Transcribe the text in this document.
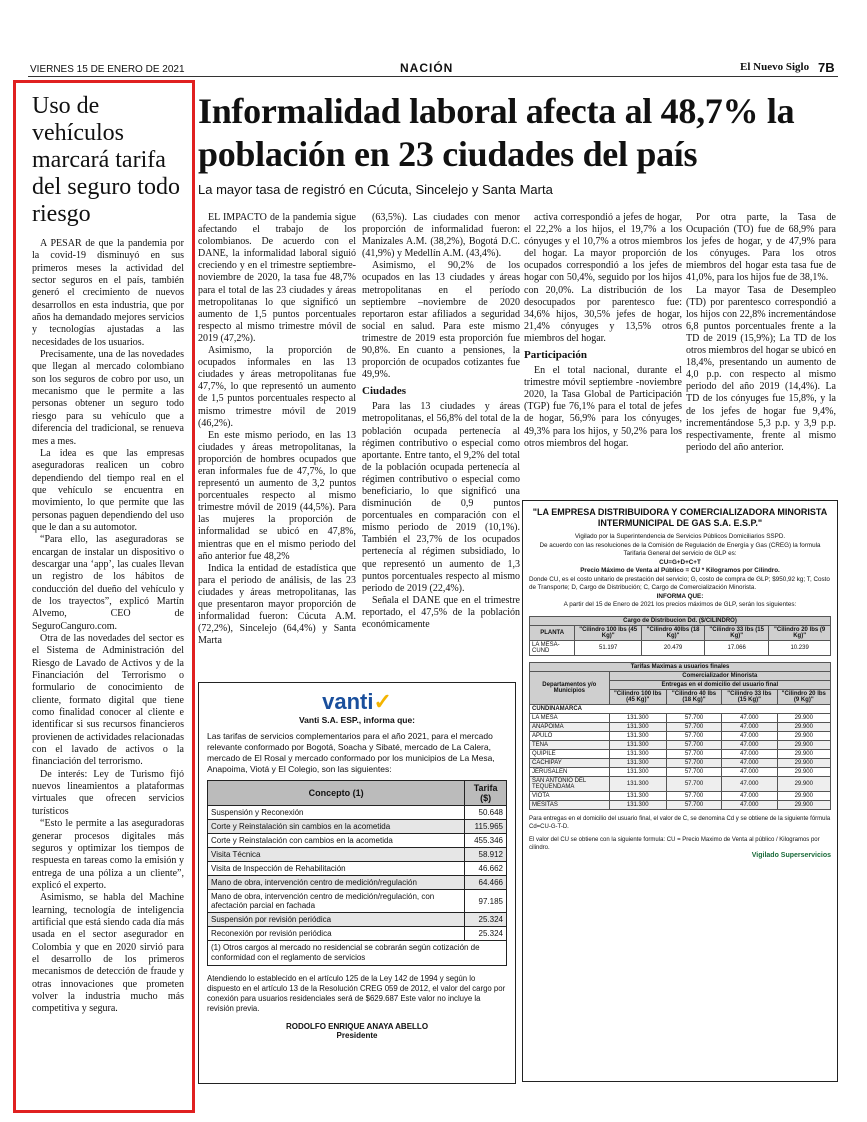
VIERNES 15 DE ENERO DE 2021	NACIÓN	El Nuevo Siglo 7B
Uso de vehículos marcará tarifa del seguro todo riesgo

A PESAR de que la pandemia por la covid-19 disminuyó en sus primeros meses la actividad del sector seguros en el país, también generó el crecimiento de nuevos desarrollos en esta industria, que por años ha demandado mejores servicios y tecnologías ajustadas a las necesidades de los usuarios.

Precisamente, una de las novedades que llegan al mercado colombiano son los seguros de cobro por uso, un mecanismo que le permite a las personas obtener un seguro todo riesgo para su vehículo que a diferencia del tradicional, se renueva mes a mes.

La idea es que las empresas aseguradoras realicen un cobro dependiendo del tiempo real en el que vehículo se encuentra en movimiento, lo que permite que las personas paguen dependiendo del uso que le dan a su automotor.

“Para ello, las aseguradoras se encargan de instalar un dispositivo o descargar una ‘app’, las cuales llevan un registro de los hábitos de conducción del dueño del vehículo y de los trayectos”, explicó Martín Alvemo, CEO de SeguroCanguro.com.

Otra de las novedades del sector es el Sistema de Administración del Riesgo de Lavado de Activos y de la Financiación del Terrorismo o formulario de conocimiento de cliente, formato digital que tiene como finalidad conocer al cliente e identificar si sus recursos financieros provienen de actividades relacionadas con el lavado de activos o la financiación del terrorismo.

De interés: Ley de Turismo fijó nuevos lineamientos a plataformas virtuales que ofrecen servicios turísticos

“Esto le permite a las aseguradoras generar procesos digitales más seguros y optimizar los tiempos de respuesta en tareas como la emisión y entrega de una póliza a un cliente”, explicó el experto.

Asimismo, se habla del Machine learning, tecnología de inteligencia artificial que está siendo cada día más usada en el sector asegurador en Colombia y que en 2020 sirvió para el desarrollo de los primeros mecanismos de detección de fraude y otras innovaciones que prometen volver la industria mucho más competitiva y segura.

Informalidad laboral afecta al 48,7% la población en 23 ciudades del país
La mayor tasa de registró en Cúcuta, Sincelejo y Santa Marta

EL IMPACTO de la pandemia sigue afectando el trabajo de los colombianos. De acuerdo con el DANE, la informalidad laboral siguió creciendo y en el trimestre septiembre-noviembre de 2020, la tasa fue 48,7% para el total de las 23 ciudades y áreas metropolitanas lo que significó un aumento de 1,5 puntos porcentuales respecto al mismo trimestre móvil de 2019 (47,2%).

Asimismo, la proporción de ocupados informales en las 13 ciudades y áreas metropolitanas fue 47,7%, lo que representó un aumento de 1,5 puntos porcentuales respecto al mismo trimestre móvil de 2019 (46,2%).

En este mismo periodo, en las 13 ciudades y áreas metropolitanas, la proporción de hombres ocupados que eran informales fue de 47,7%, lo que representó un aumento de 3,2 puntos porcentuales respecto al mismo trimestre móvil de 2019 (44,5%). Para las mujeres la proporción de informalidad se ubicó en 47,8%, mientras que en el mismo periodo del año anterior fue 48,2%

Indica la entidad de estadística que para el periodo de análisis, de las 23 ciudades y áreas metropolitanas, las que presentaron mayor proporción de informalidad fueron: Cúcuta A.M. (72,2%), Sincelejo (64,4%) y Santa Marta

(63,5%). Las ciudades con menor proporción de informalidad fueron: Manizales A.M. (38,2%), Bogotá D.C. (41,9%) y Medellín A.M. (43,4%).

Asimismo, el 90,2% de los ocupados en las 13 ciudades y áreas metropolitanas en el período septiembre –noviembre de 2020 reportaron estar afiliados a seguridad social en salud. Para este mismo trimestre de 2019 esta proporción fue 90,8%. En cuanto a pensiones, la proporción de ocupados cotizantes fue 49,9%.

Ciudades

Para las 13 ciudades y áreas metropolitanas, el 56,8% del total de la población ocupada pertenecía al régimen contributivo o especial como aportante. Entre tanto, el 9,2% del total de la población ocupada pertenecía al régimen contributivo o especial como beneficiario, lo que significó una disminución de 0,9 puntos porcentuales en comparación con el mismo periodo de 2019 (10,1%). También el 23,7% de los ocupados pertenecía al régimen subsidiado, lo que representó un aumento de 1,3 puntos porcentuales respecto al mismo periodo de 2019 (22,4%).

Señala el DANE que en el trimestre reportado, el 47,5% de la población económicamente

activa correspondió a jefes de hogar, el 22,2% a los hijos, el 19,7% a los cónyuges y el 10,7% a otros miembros del hogar. La mayor proporción de ocupados correspondió a los jefes de hogar con 50,4%, seguido por los hijos con 20,0%. La distribución de los desocupados por parentesco fue: 34,6% hijos, 30,5% jefes de hogar, 21,4% cónyuges y 13,5% otros miembros del hogar.

Participación

En el total nacional, durante el trimestre móvil septiembre -noviembre 2020, la Tasa Global de Participación (TGP) fue 76,1% para el total de jefes de hogar, 56,9% para los cónyuges, 49,3% para los hijos, y 50,2% para los otros miembros del hogar.

Por otra parte, la Tasa de Ocupación (TO) fue de 68,9% para los jefes de hogar, y de 47,9% para los cónyuges. Para los otros miembros del hogar esta tasa fue de 41,0%, para los hijos fue de 38,1%.

La mayor Tasa de Desempleo (TD) por parentesco correspondió a los hijos con 22,8% incrementándose 6,8 puntos porcentuales frente a la TD de 2019 (15,9%); La TD de los otros miembros del hogar se ubicó en 18,4%, presentando un aumento de 4,0 p.p. con respecto al mismo periodo del año 2019 (14,4%). La TD de los cónyuges fue 15,8%, y la de los jefes de hogar fue 9,4%, incrementándose 5,3 p.p. y 3,9 p.p. respectivamente, frente al mismo periodo del año anterior.

vanti✓
Vanti S.A. ESP., informa que:
Las tarifas de servicios complementarios para el año 2021, para el mercado relevante conformado por Bogotá, Soacha y Sibaté, mercado de La Calera, mercado de El Rosal y mercado conformado por los municipios de La Mesa, Anapoima, Viotá y El Colegio, son las siguientes:
Concepto (1)	Tarifa ($)
Suspensión y Reconexión	50.648
Corte y Reinstalación sin cambios en la acometida	115.965
Corte y Reinstalación con cambios en la acometida	455.346
Visita Técnica	58.912
Visita de Inspección de Rehabilitación	46.662
Mano de obra, intervención centro de medición/regulación	64.466
Mano de obra, intervención centro de medición/regulación, con afectación parcial en fachada	97.185
Suspensión por revisión periódica	25.324
Reconexión por revisión periódica	25.324
(1) Otros cargos al mercado no residencial se cobrarán según cotización de conformidad con el reglamento de servicios
Atendiendo lo establecido en el artículo 125 de la Ley 142 de 1994 y según lo dispuesto en el artículo 13 de la Resolución CREG 059 de 2012, el valor del cargo por conexión para usuarios residenciales será de $629.687 Este valor no incluye la revisión previa.
RODOLFO ENRIQUE ANAYA ABELLO
Presidente
"LA EMPRESA DISTRIBUIDORA Y COMERCIALIZADORA MINORISTA INTERMUNICIPAL DE GAS S.A. E.S.P."
Vigilado por la Superintendencia de Servicios Públicos Domiciliarios SSPD.
De acuerdo con las resoluciones de la Comisión de Regulación de Energía y Gas (CREG) la formula Tarifaria General del servicio de GLP es:
CU=G+D+C+T
Precio Máximo de Venta al Público = CU * Kilogramos por Cilindro.
Donde CU, es el costo unitario de prestación del servicio; G, costo de compra de GLP; $950,92 kg; T, Costo de Transporte; D, Cargo de Distribución; C, Cargo de Comercialización Minorista.
INFORMA QUE:
A partir del 15 de Enero de 2021 los precios máximos de GLP, serán los siguientes:
Cargo de Distribucion Dd. ($/CILINDRO)				
PLANTA	"Cilindro 100 lbs (45 Kg)"	"Cilindro 40lbs (18 Kg)"	"Cilindro 33 lbs (15 Kg)"	"Cilindro 20 lbs (9 Kg)"
LA MESA-CUND	51.197	20.479	17.066	10.239
Tarifas Maximas a usuarios finales				
Departamentos y/o Municipios	Comercializador Minorista			
	Entregas en el domicilio del usuario final			
	"Cilindro 100 lbs (45 Kg)"	"Cilindro 40 lbs (18 Kg)"	"Cilindro 33 lbs (15 Kg)"	"Cilindro 20 lbs (9 Kg)"
CUNDINAMARCA				
LA MESA	131.300	57.700	47.000	29.900
ANAPOIMA	131.300	57.700	47.000	29.900
APULO	131.300	57.700	47.000	29.900
TENA	131.300	57.700	47.000	29.900
QUIPILE	131.300	57.700	47.000	29.900
CACHIPAY	131.300	57.700	47.000	29.900
JERUSALEN	131.300	57.700	47.000	29.900
SAN ANTONIO DEL TEQUENDAMA	131.300	57.700	47.000	29.900
VIOTA	131.300	57.700	47.000	29.900
MESITAS	131.300	57.700	47.000	29.900
Para entregas en el domicilio del usuario final, el valor de C, se denomina Cd y se obtiene de la siguiente fórmula Cd=CU-G-T-D.
El valor del CU se obtiene con la siguiente formula: CU = Precio Maximo de Venta al público / Kilogramos por cilindro.
Vigilado Superservicios
